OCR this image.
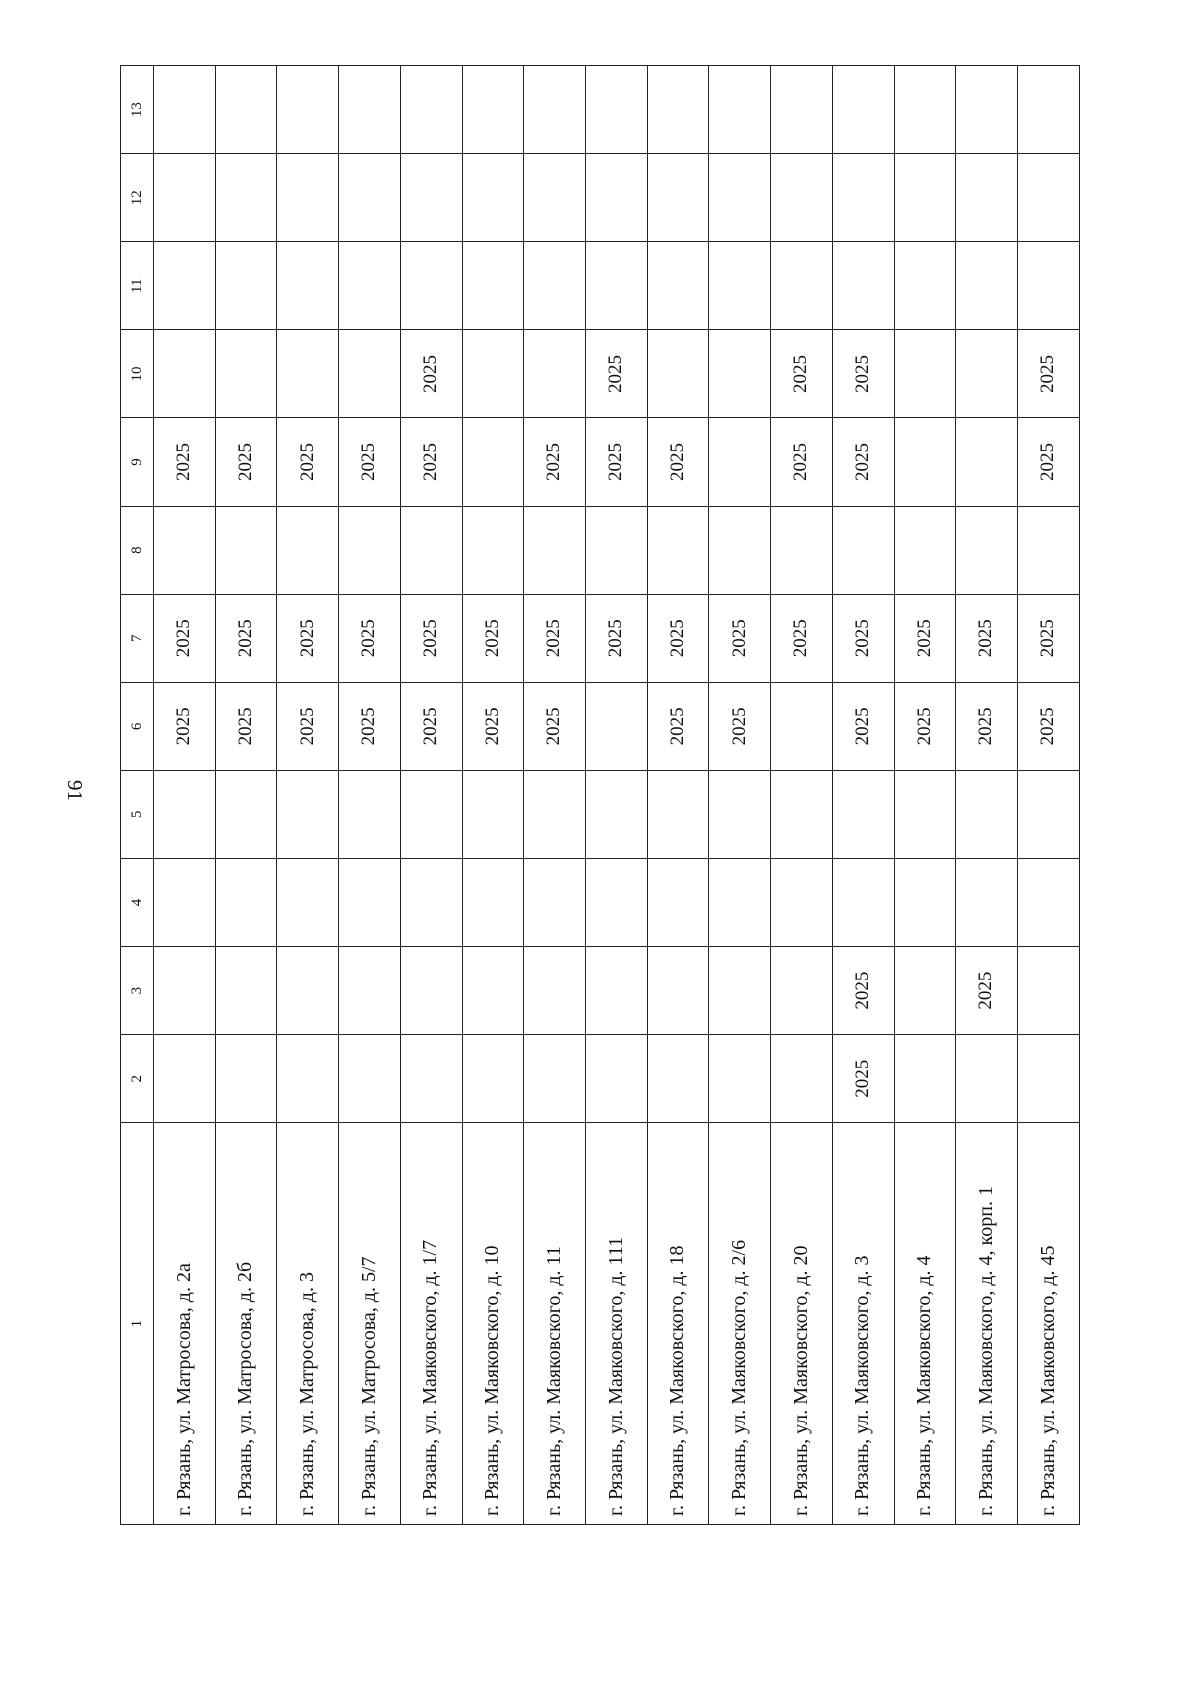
91
1	2	3	4	5	6	7	8	9	10	11	12	13
г. Рязань, ул. Матросова, д. 2а					2025	2025		2025				
г. Рязань, ул. Матросова, д. 2б					2025	2025		2025				
г. Рязань, ул. Матросова, д. 3					2025	2025		2025				
г. Рязань, ул. Матросова, д. 5/7					2025	2025		2025				
г. Рязань, ул. Маяковского, д. 1/7					2025	2025		2025	2025			
г. Рязань, ул. Маяковского, д. 10					2025	2025						
г. Рязань, ул. Маяковского, д. 11					2025	2025		2025				
г. Рязань, ул. Маяковского, д. 111						2025		2025	2025			
г. Рязань, ул. Маяковского, д. 18					2025	2025		2025				
г. Рязань, ул. Маяковского, д. 2/6					2025	2025						
г. Рязань, ул. Маяковского, д. 20						2025		2025	2025			
г. Рязань, ул. Маяковского, д. 3	2025	2025			2025	2025		2025	2025			
г. Рязань, ул. Маяковского, д. 4					2025	2025						
г. Рязань, ул. Маяковского, д. 4, корп. 1		2025			2025	2025						
г. Рязань, ул. Маяковского, д. 45					2025	2025		2025	2025			
